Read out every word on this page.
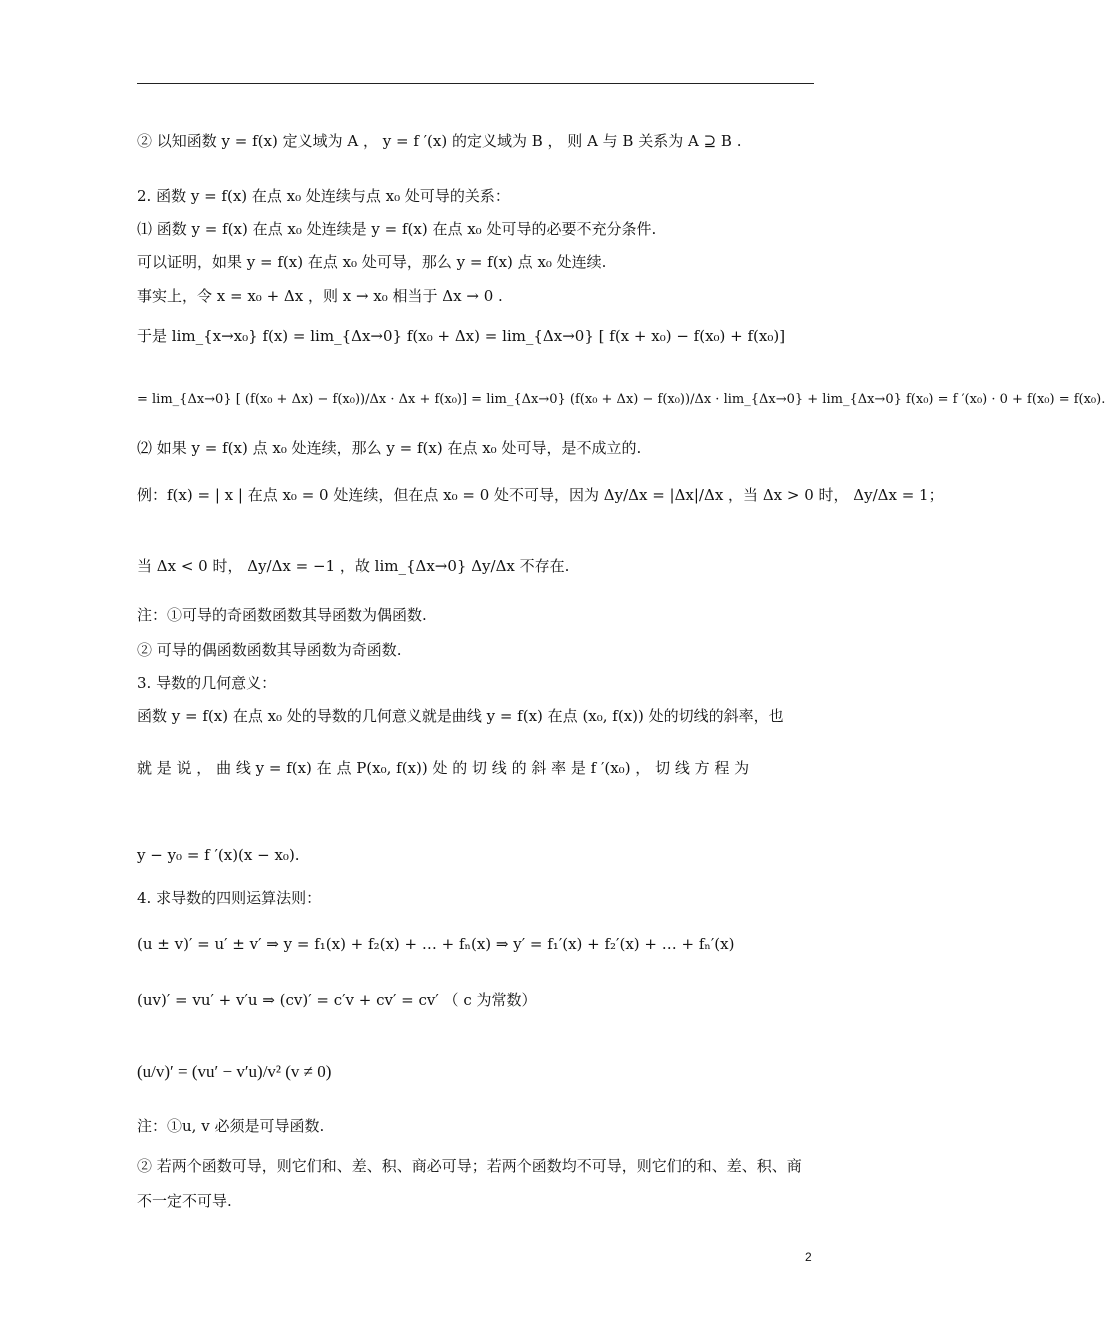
② 以知函数 y = f(x) 定义域为 A ， y = f ′(x) 的定义域为 B ， 则 A 与 B 关系为 A ⊇ B .
2. 函数 y = f(x) 在点 x₀ 处连续与点 x₀ 处可导的关系：
⑴ 函数 y = f(x) 在点 x₀ 处连续是 y = f(x) 在点 x₀ 处可导的必要不充分条件.
可以证明，如果 y = f(x) 在点 x₀ 处可导，那么 y = f(x) 点 x₀ 处连续.
事实上，令 x = x₀ + Δx ，则 x → x₀ 相当于 Δx → 0 .
于是 lim_{x→x₀} f(x) = lim_{Δx→0} f(x₀ + Δx) = lim_{Δx→0} [ f(x + x₀) − f(x₀) + f(x₀)]
= lim_{Δx→0} [ (f(x₀ + Δx) − f(x₀))/Δx · Δx + f(x₀)] = lim_{Δx→0} (f(x₀ + Δx) − f(x₀))/Δx · lim_{Δx→0} + lim_{Δx→0} f(x₀) = f ′(x₀) · 0 + f(x₀) = f(x₀).
⑵ 如果 y = f(x) 点 x₀ 处连续，那么 y = f(x) 在点 x₀ 处可导，是不成立的.
例：f(x) = | x | 在点 x₀ = 0 处连续，但在点 x₀ = 0 处不可导，因为 Δy/Δx = |Δx|/Δx ，当 Δx > 0 时， Δy/Δx = 1；
当 Δx < 0 时， Δy/Δx = −1 ，故 lim_{Δx→0} Δy/Δx 不存在.
注：①可导的奇函数函数其导函数为偶函数.
② 可导的偶函数函数其导函数为奇函数.
3. 导数的几何意义：
函数 y = f(x) 在点 x₀ 处的导数的几何意义就是曲线 y = f(x) 在点 (x₀, f(x)) 处的切线的斜率，也
就 是 说 ， 曲 线 y = f(x) 在 点 P(x₀, f(x)) 处 的 切 线 的 斜 率 是 f ′(x₀) ， 切 线 方 程 为
y − y₀ = f ′(x)(x − x₀).
4. 求导数的四则运算法则：
(u ± v)′ = u′ ± v′ ⇒ y = f₁(x) + f₂(x) + … + fₙ(x) ⇒ y′ = f₁′(x) + f₂′(x) + … + fₙ′(x)
(uv)′ = vu′ + v′u ⇒ (cv)′ = c′v + cv′ = cv′ （ c 为常数）
(u/v)′ = (vu′ − v′u)/v² (v ≠ 0)
注：①u, v 必须是可导函数.
② 若两个函数可导，则它们和、差、积、商必可导；若两个函数均不可导，则它们的和、差、积、商
不一定不可导.
2
